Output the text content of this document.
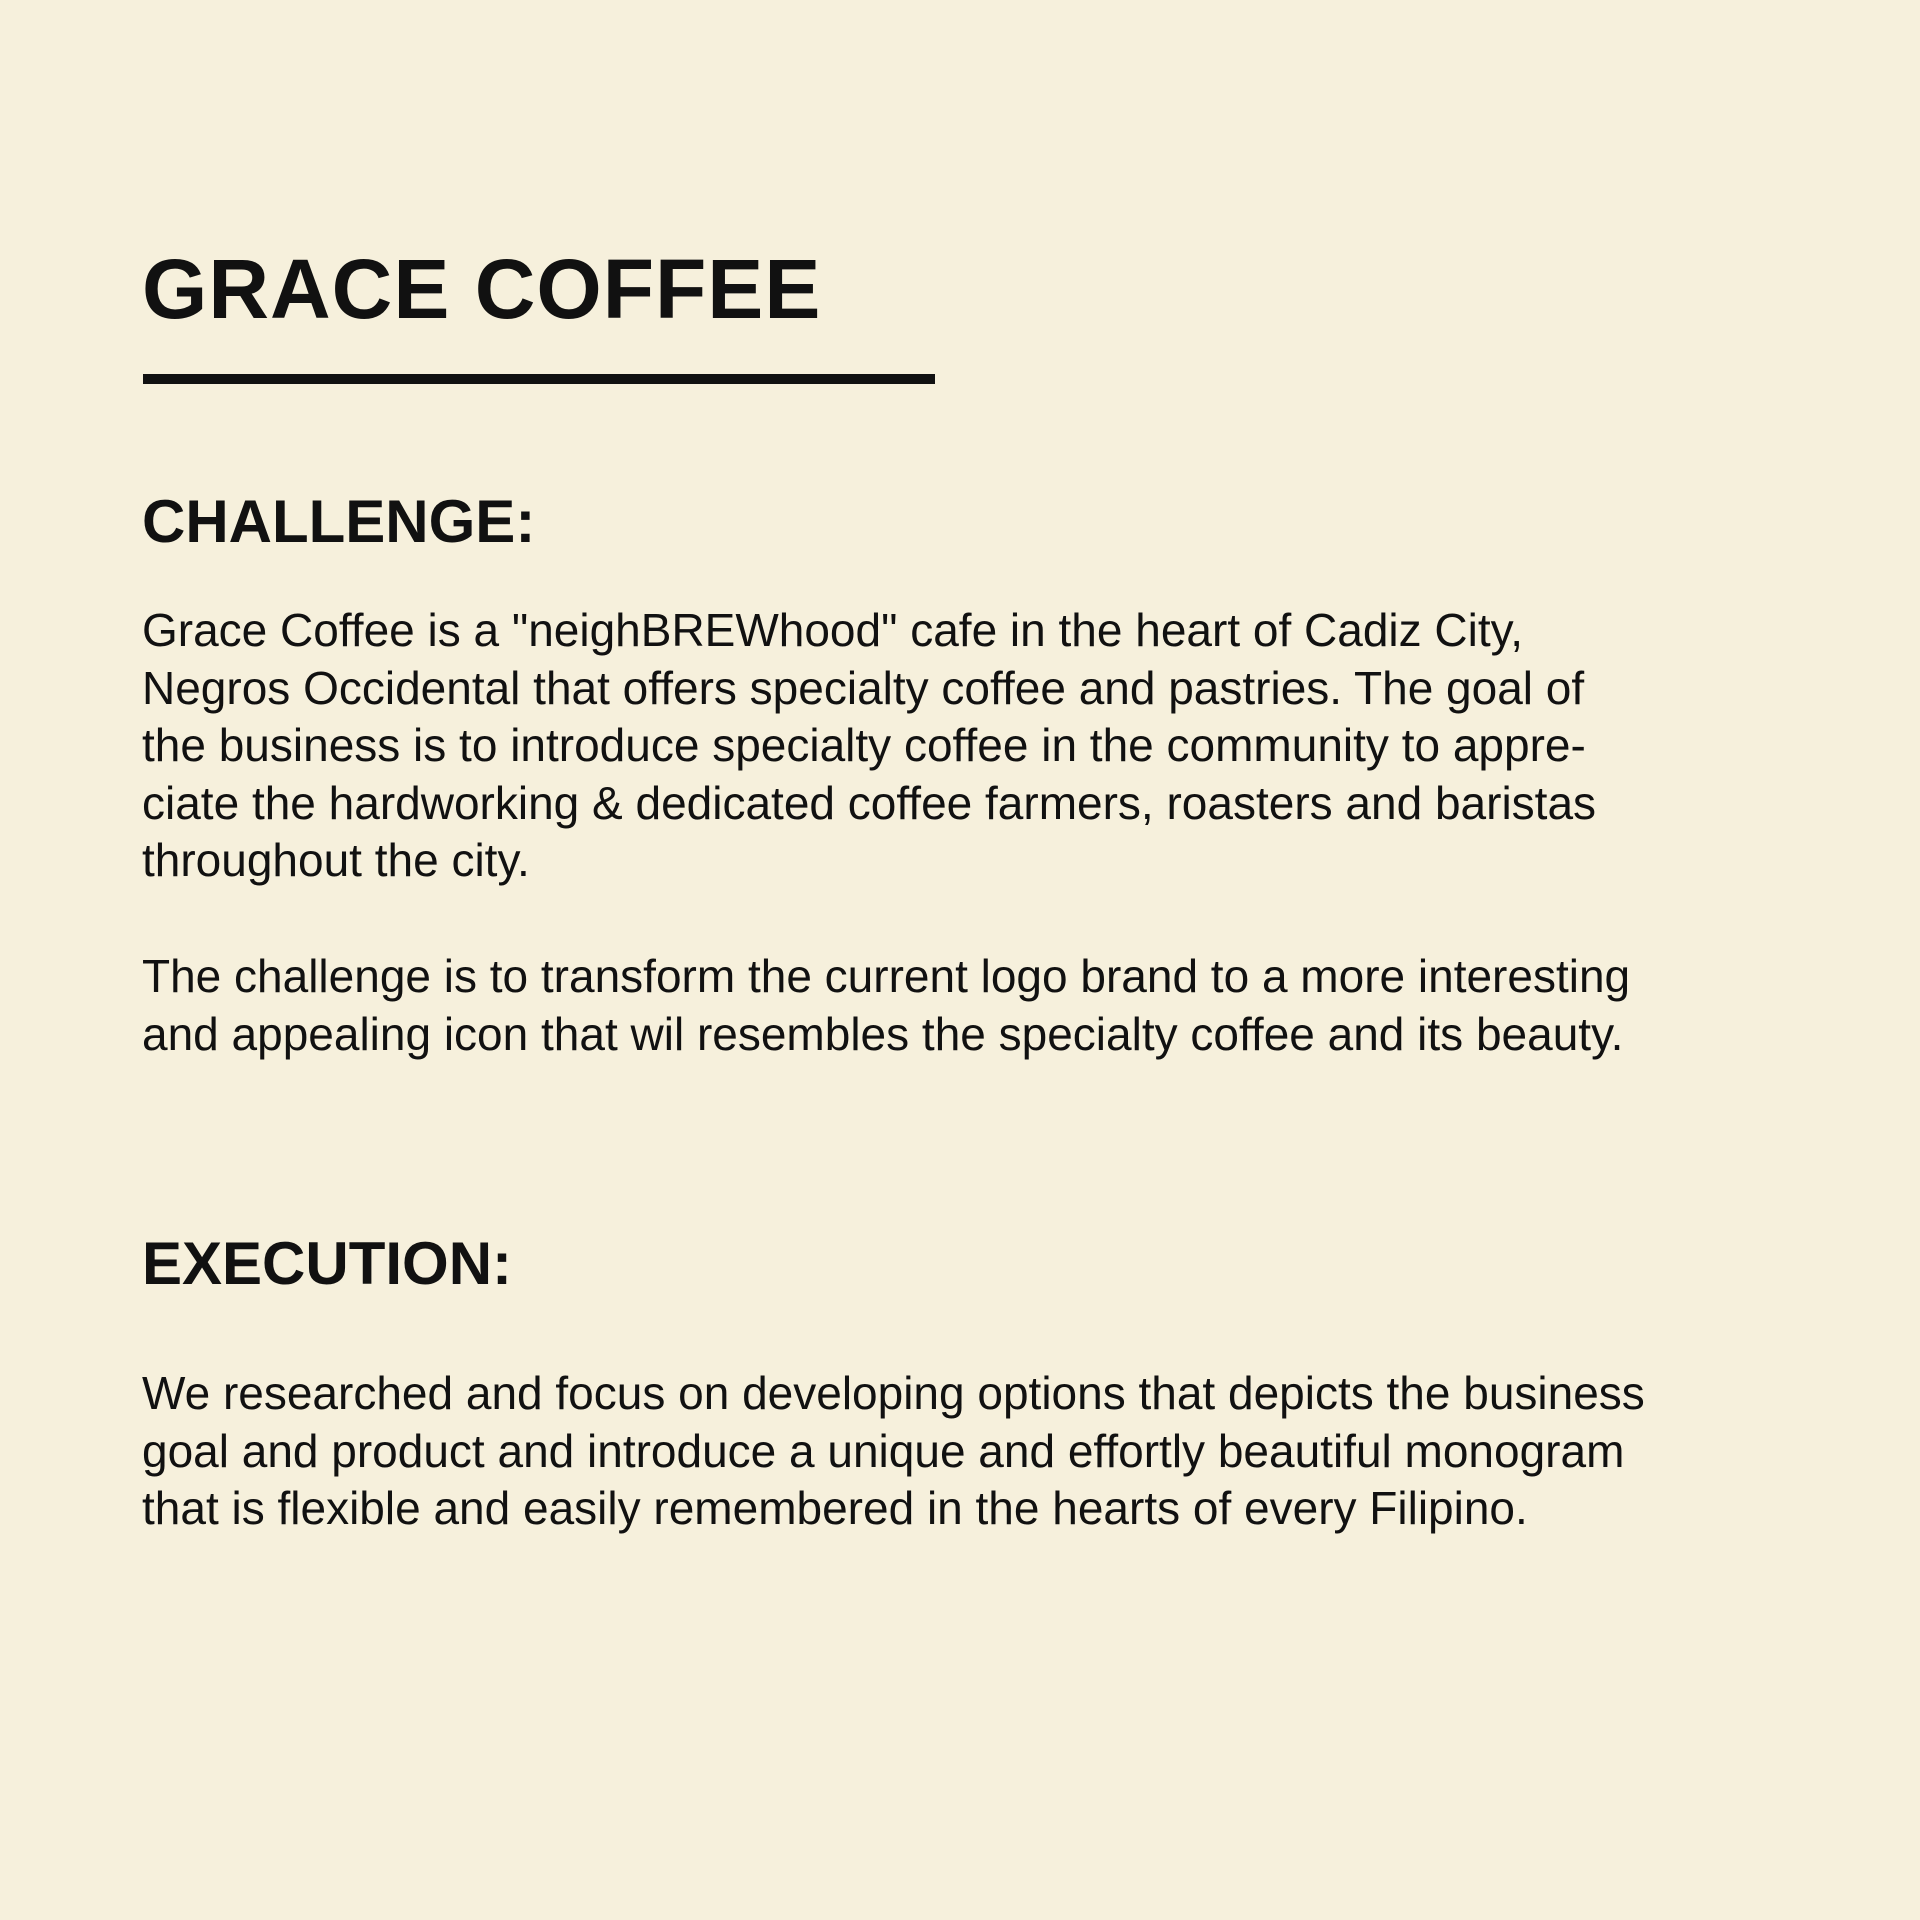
GRACE COFFEE
CHALLENGE:

Grace Coffee is a "neighBREWhood" cafe in the heart of Cadiz City,
Negros Occidental that offers specialty coffee and pastries. The goal of
the business is to introduce specialty coffee in the community to appre-
ciate the hardworking & dedicated coffee farmers, roasters and baristas
throughout the city.

The challenge is to transform the current logo brand to a more interesting
and appealing icon that wil resembles the specialty coffee and its beauty.

EXECUTION:

We researched and focus on developing options that depicts the business
goal and product and introduce a unique and effortly beautiful monogram
that is flexible and easily remembered in the hearts of every Filipino.
